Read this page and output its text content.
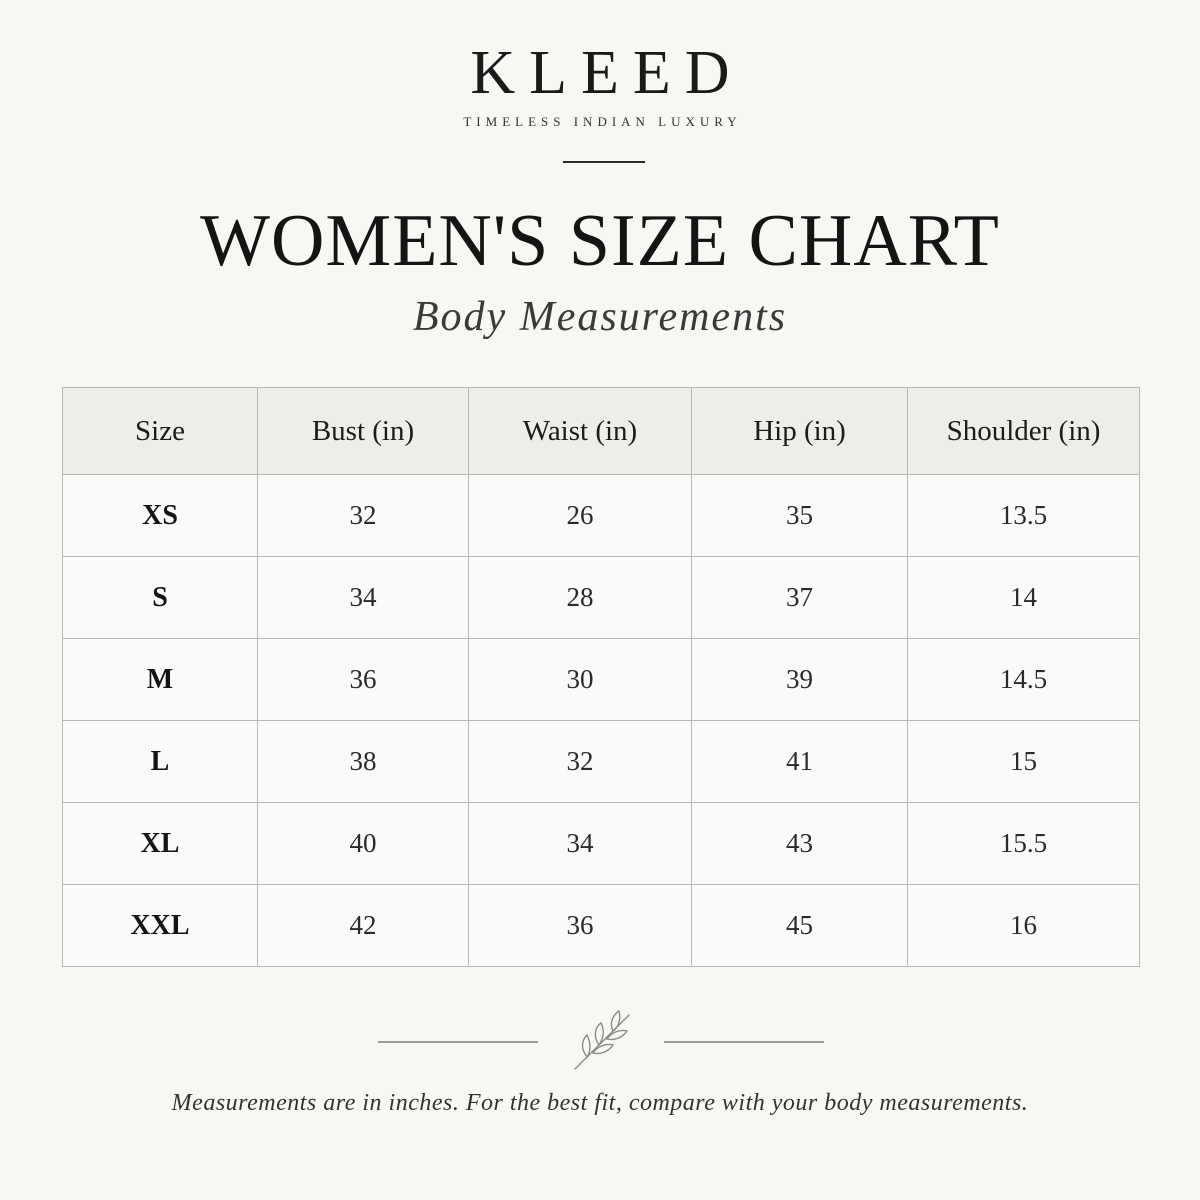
KLEED
TIMELESS INDIAN LUXURY
WOMEN'S SIZE CHART
Body Measurements
Size	Bust (in)	Waist (in)	Hip (in)	Shoulder (in)
XS	32	26	35	13.5
S	34	28	37	14
M	36	30	39	14.5
L	38	32	41	15
XL	40	34	43	15.5
XXL	42	36	45	16
Measurements are in inches. For the best fit, compare with your body measurements.
